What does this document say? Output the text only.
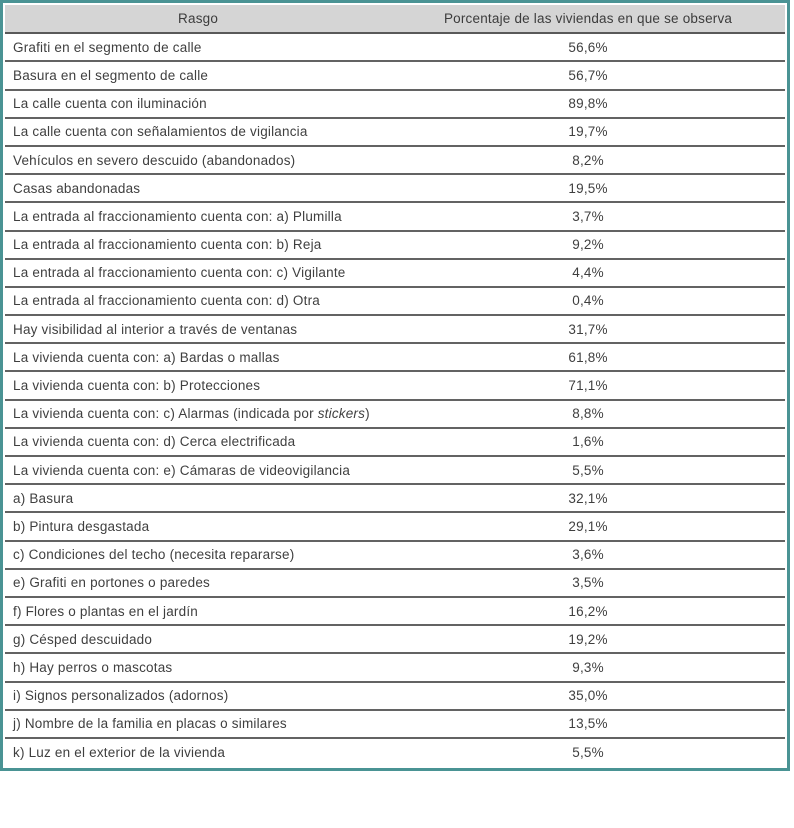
Rasgo	Porcentaje de las viviendas en que se observa
Grafiti en el segmento de calle	56,6%
Basura en el segmento de calle	56,7%
La calle cuenta con iluminación	89,8%
La calle cuenta con señalamientos de vigilancia	19,7%
Vehículos en severo descuido (abandonados)	8,2%
Casas abandonadas	19,5%
La entrada al fraccionamiento cuenta con: a) Plumilla	3,7%
La entrada al fraccionamiento cuenta con: b) Reja	9,2%
La entrada al fraccionamiento cuenta con: c) Vigilante	4,4%
La entrada al fraccionamiento cuenta con: d) Otra	0,4%
Hay visibilidad al interior a través de ventanas	31,7%
La vivienda cuenta con: a) Bardas o mallas	61,8%
La vivienda cuenta con: b) Protecciones	71,1%
La vivienda cuenta con: c) Alarmas (indicada por stickers)	8,8%
La vivienda cuenta con: d) Cerca electrificada	1,6%
La vivienda cuenta con: e) Cámaras de videovigilancia	5,5%
a) Basura	32,1%
b) Pintura desgastada	29,1%
c) Condiciones del techo (necesita repararse)	3,6%
e) Grafiti en portones o paredes	3,5%
f) Flores o plantas en el jardín	16,2%
g) Césped descuidado	19,2%
h) Hay perros o mascotas	9,3%
i) Signos personalizados (adornos)	35,0%
j) Nombre de la familia en placas o similares	13,5%
k) Luz en el exterior de la vivienda	5,5%
